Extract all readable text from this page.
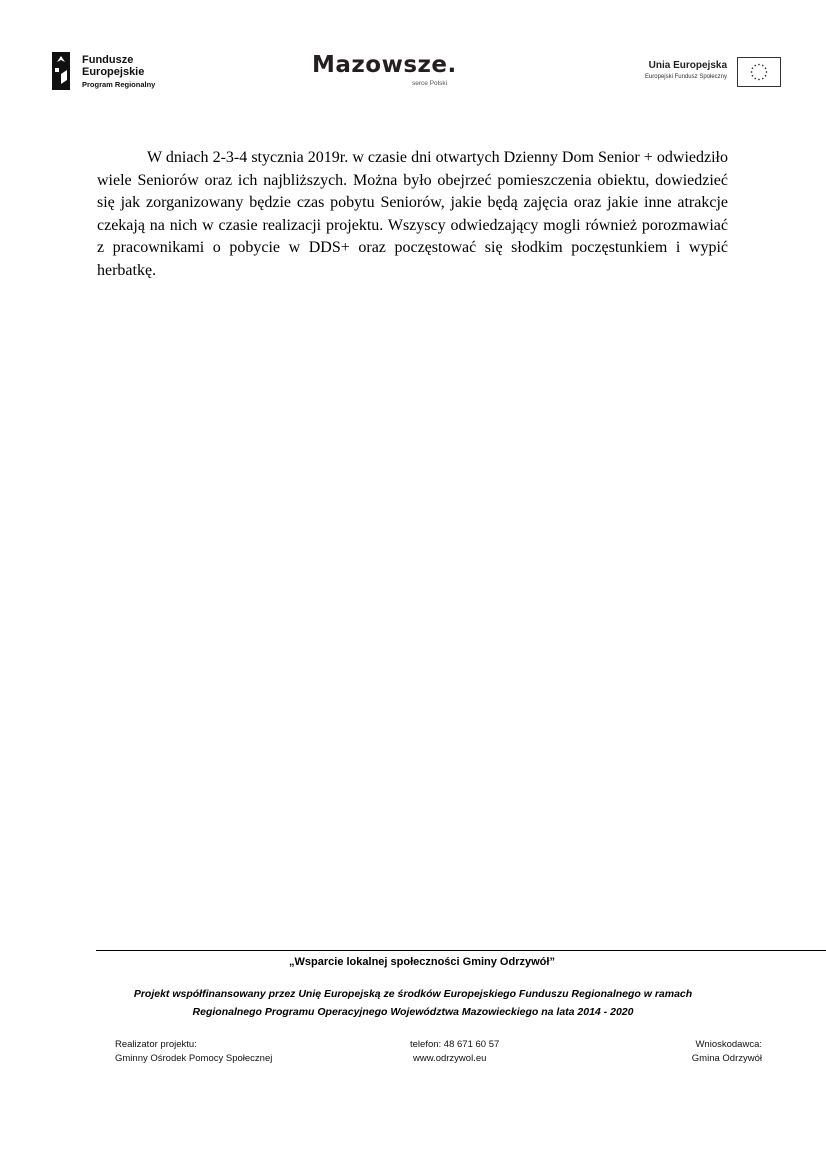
Fundusze
Europejskie
Program Regionalny
Mazowsze.
serce Polski
Unia Europejska
Europejski Fundusz Społeczny

W dniach 2-3-4 stycznia 2019r. w czasie dni otwartych Dzienny Dom Senior + odwiedziło wiele Seniorów oraz ich najbliższych. Można było obejrzeć pomieszczenia obiektu, dowiedzieć się jak zorganizowany będzie czas pobytu Seniorów, jakie będą zajęcia oraz jakie inne atrakcje czekają na nich w czasie realizacji projektu. Wszyscy odwiedzający mogli również porozmawiać z pracownikami o pobycie w DDS+ oraz poczęstować się słodkim poczęstunkiem i wypić herbatkę.

„Wsparcie lokalnej społeczności Gminy Odrzywół”
Projekt współfinansowany przez Unię Europejską ze środków Europejskiego Funduszu Regionalnego w ramach
Regionalnego Programu Operacyjnego Województwa Mazowieckiego na lata 2014 - 2020
Realizator projektu:
Gminny Ośrodek Pomocy Społecznej
telefon: 48 671 60 57
www.odrzywol.eu
Wnioskodawca:
Gmina Odrzywół
